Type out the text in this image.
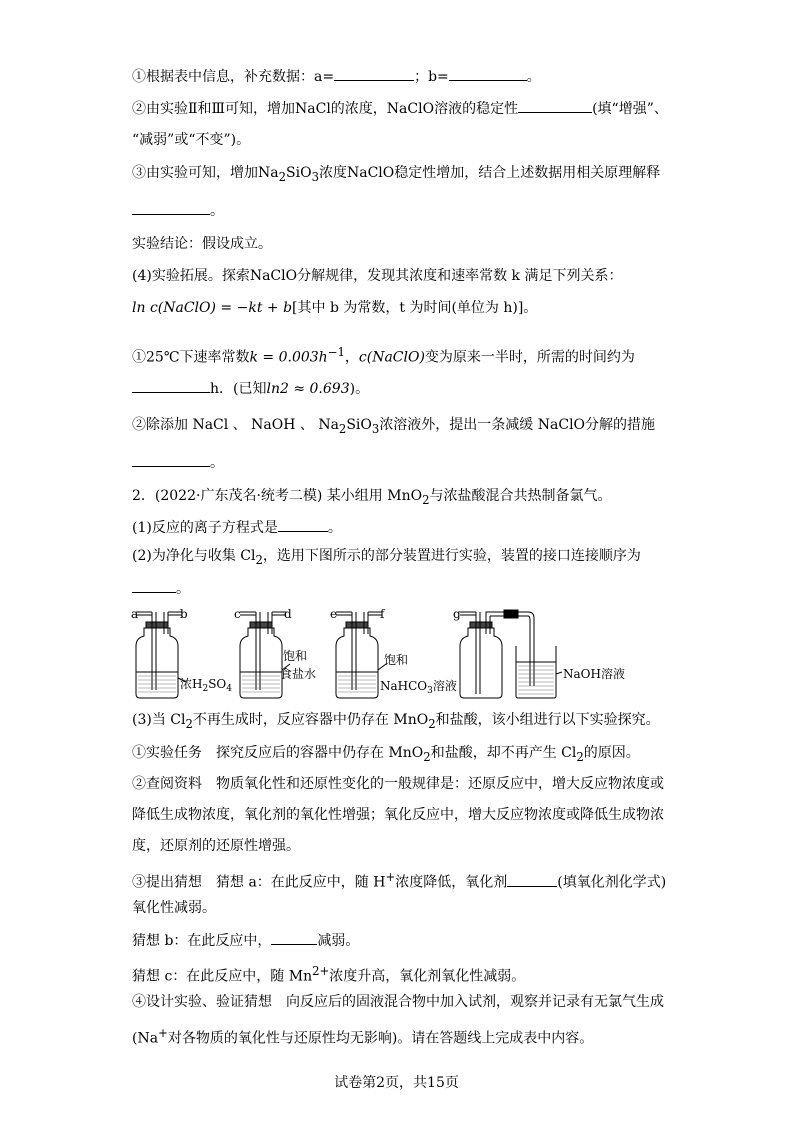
①根据表中信息，补充数据：a=	；b=	。
②由实验Ⅱ和Ⅲ可知，增加NaCl的浓度，NaClO溶液的稳定性	(填“增强”、
“减弱”或“不变”)。
③由实验可知，增加$Na_2SiO_3$浓度NaClO稳定性增加，结合上述数据用相关原理解释
。
实验结论：假设成立。
(4)实验拓展。探索NaClO分解规律，发现其浓度和速率常数 k 满足下列关系：
ln c(NaClO) = −kt + b[其中 b 为常数，t 为时间(单位为 h)]。
①25℃下速率常数$k = 0.003h^{-1}$，c(NaClO)变为原来一半时，所需的时间约为
h．(已知ln2 ≈ 0.693)。
②除添加 NaCl 、 NaOH 、 $Na_2SiO_3$浓溶液外，提出一条减缓 NaClO分解的措施
。
2．(2022·广东茂名·统考二模) 某小组用 MnO$_2$与浓盐酸混合共热制备氯气。
(1)反应的离子方程式是	。
(2)为净化与收集 $Cl_2$，选用下图所示的部分装置进行实验，装置的接口连接顺序为
。
a	b	c	d	e	f	g
浓$H_2SO_4$
饱和
食盐水
饱和
NaHCO$_3$溶液
NaOH溶液
(3)当 $Cl_2$不再生成时，反应容器中仍存在 MnO$_2$和盐酸，该小组进行以下实验探究。
①实验任务　探究反应后的容器中仍存在 MnO$_2$和盐酸，却不再产生 $Cl_2$的原因。
②查阅资料　物质氧化性和还原性变化的一般规律是：还原反应中，增大反应物浓度或
降低生成物浓度，氧化剂的氧化性增强；氧化反应中，增大反应物浓度或降低生成物浓
度，还原剂的还原性增强。
③提出猜想　猜想 a：在此反应中，随 H+浓度降低，氧化剂	(填氧化剂化学式)
氧化性减弱。
猜想 b：在此反应中，	减弱。
猜想 c：在此反应中，随 $Mn^{2+}$浓度升高，氧化剂氧化性减弱。
④设计实验、验证猜想　向反应后的固液混合物中加入试剂，观察并记录有无氯气生成
(Na+对各物质的氧化性与还原性均无影响)。请在答题线上完成表中内容。
试卷第2页，共15页
